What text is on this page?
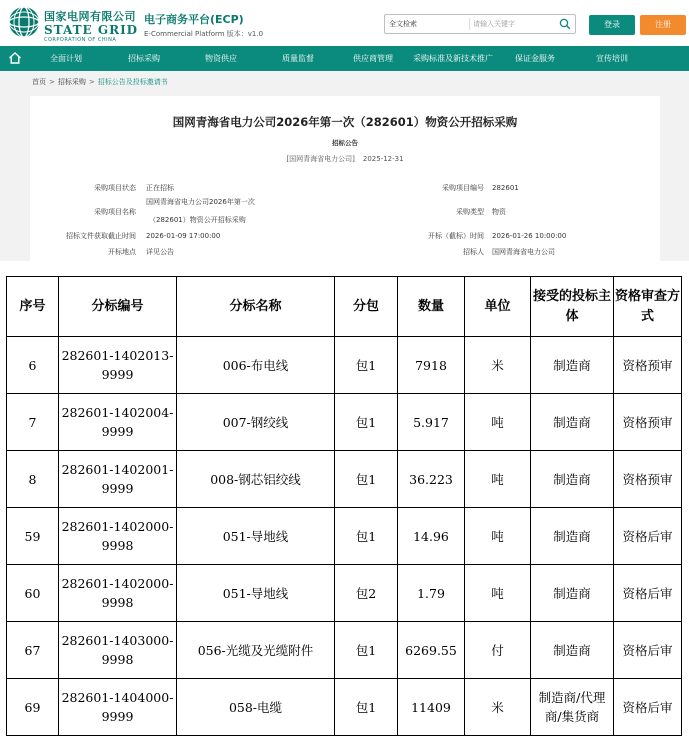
国家电网有限公司
STATE GRID
CORPORATION OF CHINA
电子商务平台(ECP)
E-Commercial Platform 版本：v1.0
全文检索
请输入关键字	登录	注册
全面计划	招标采购	物资供应	质量监督	供应商管理	采购标准及新技术推广	保证金服务	宣传培训
首页 > 招标采购 > 招标公告及投标邀请书
国网青海省电力公司2026年第一次（282601）物资公开招标采购
招标公告
[国网青海省电力公司] 2025-12-31
采购项目状态 正在招标
采购项目名称
国网青海省电力公司2026年第一次
（282601）物资公开招标采购
招标文件获取截止时间 2026-01-09 17:00:00
开标地点 详见公告
采购项目编号 282601
采购类型 物资
开标（截标）时间 2026-01-26 10:00:00
招标人 国网青海省电力公司
序号	分标编号	分标名称	分包	数量	单位	接受的投标主体	资格审查方式
6	282601-1402013-9999	006-布电线	包1	7918	米	制造商	资格预审
7	282601-1402004-9999	007-钢绞线	包1	5.917	吨	制造商	资格预审
8	282601-1402001-9999	008-钢芯铝绞线	包1	36.223	吨	制造商	资格预审
59	282601-1402000-9998	051-导地线	包1	14.96	吨	制造商	资格后审
60	282601-1402000-9998	051-导地线	包2	1.79	吨	制造商	资格后审
67	282601-1403000-9998	056-光缆及光缆附件	包1	6269.55	付	制造商	资格后审
69	282601-1404000-9999	058-电缆	包1	11409	米	制造商/代理商/集货商	资格后审
